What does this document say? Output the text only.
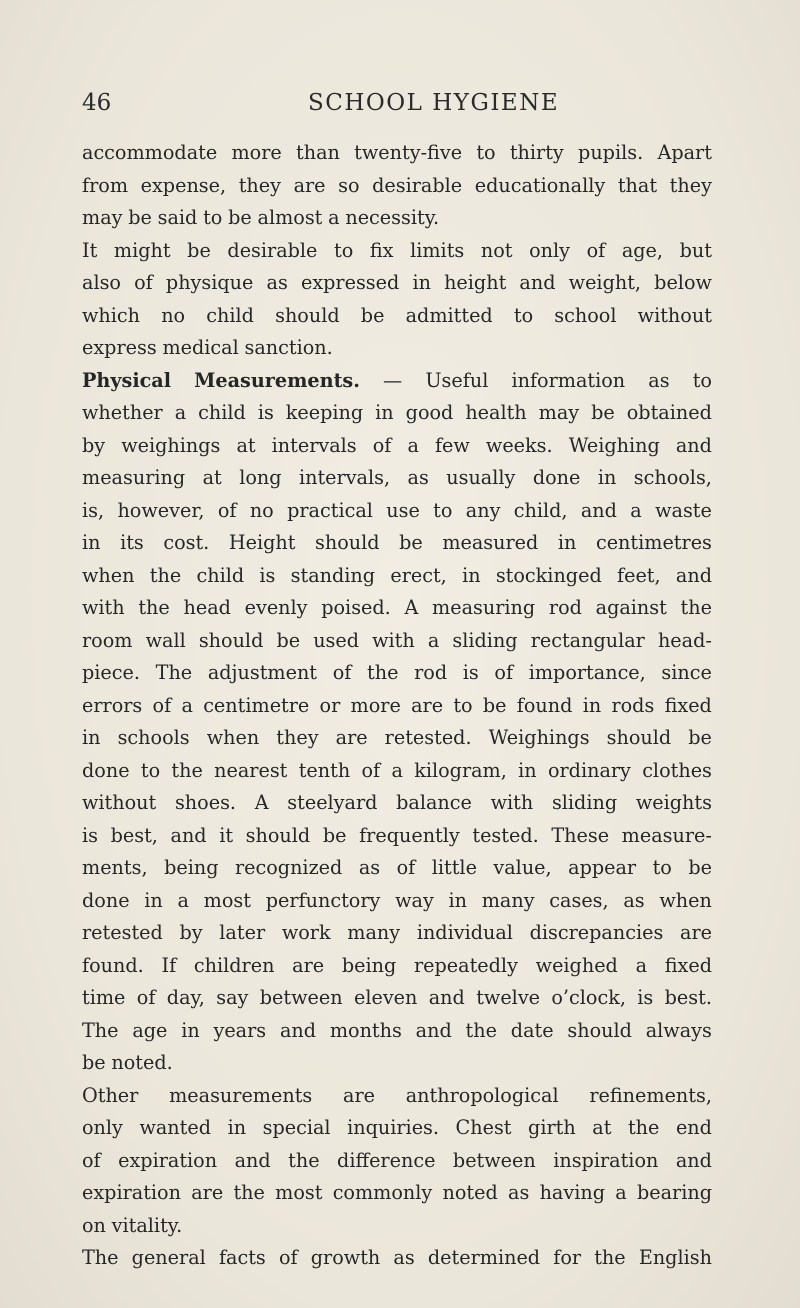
46	SCHOOL HYGIENE
accommodate more than twenty-five to thirty pupils. Apart
from expense, they are so desirable educationally that they
may be said to be almost a necessity.
It might be desirable to fix limits not only of age, but
also of physique as expressed in height and weight, below
which no child should be admitted to school without
express medical sanction.
Physical Measurements. — Useful information as to
whether a child is keeping in good health may be obtained
by weighings at intervals of a few weeks. Weighing and
measuring at long intervals, as usually done in schools,
is, however, of no practical use to any child, and a waste
in its cost. Height should be measured in centimetres
when the child is standing erect, in stockinged feet, and
with the head evenly poised. A measuring rod against the
room wall should be used with a sliding rectangular head-
piece. The adjustment of the rod is of importance, since
errors of a centimetre or more are to be found in rods fixed
in schools when they are retested. Weighings should be
done to the nearest tenth of a kilogram, in ordinary clothes
without shoes. A steelyard balance with sliding weights
is best, and it should be frequently tested. These measure-
ments, being recognized as of little value, appear to be
done in a most perfunctory way in many cases, as when
retested by later work many individual discrepancies are
found. If children are being repeatedly weighed a fixed
time of day, say between eleven and twelve o’clock, is best.
The age in years and months and the date should always
be noted.
Other measurements are anthropological refinements,
only wanted in special inquiries. Chest girth at the end
of expiration and the difference between inspiration and
expiration are the most commonly noted as having a bearing
on vitality.
The general facts of growth as determined for the English
